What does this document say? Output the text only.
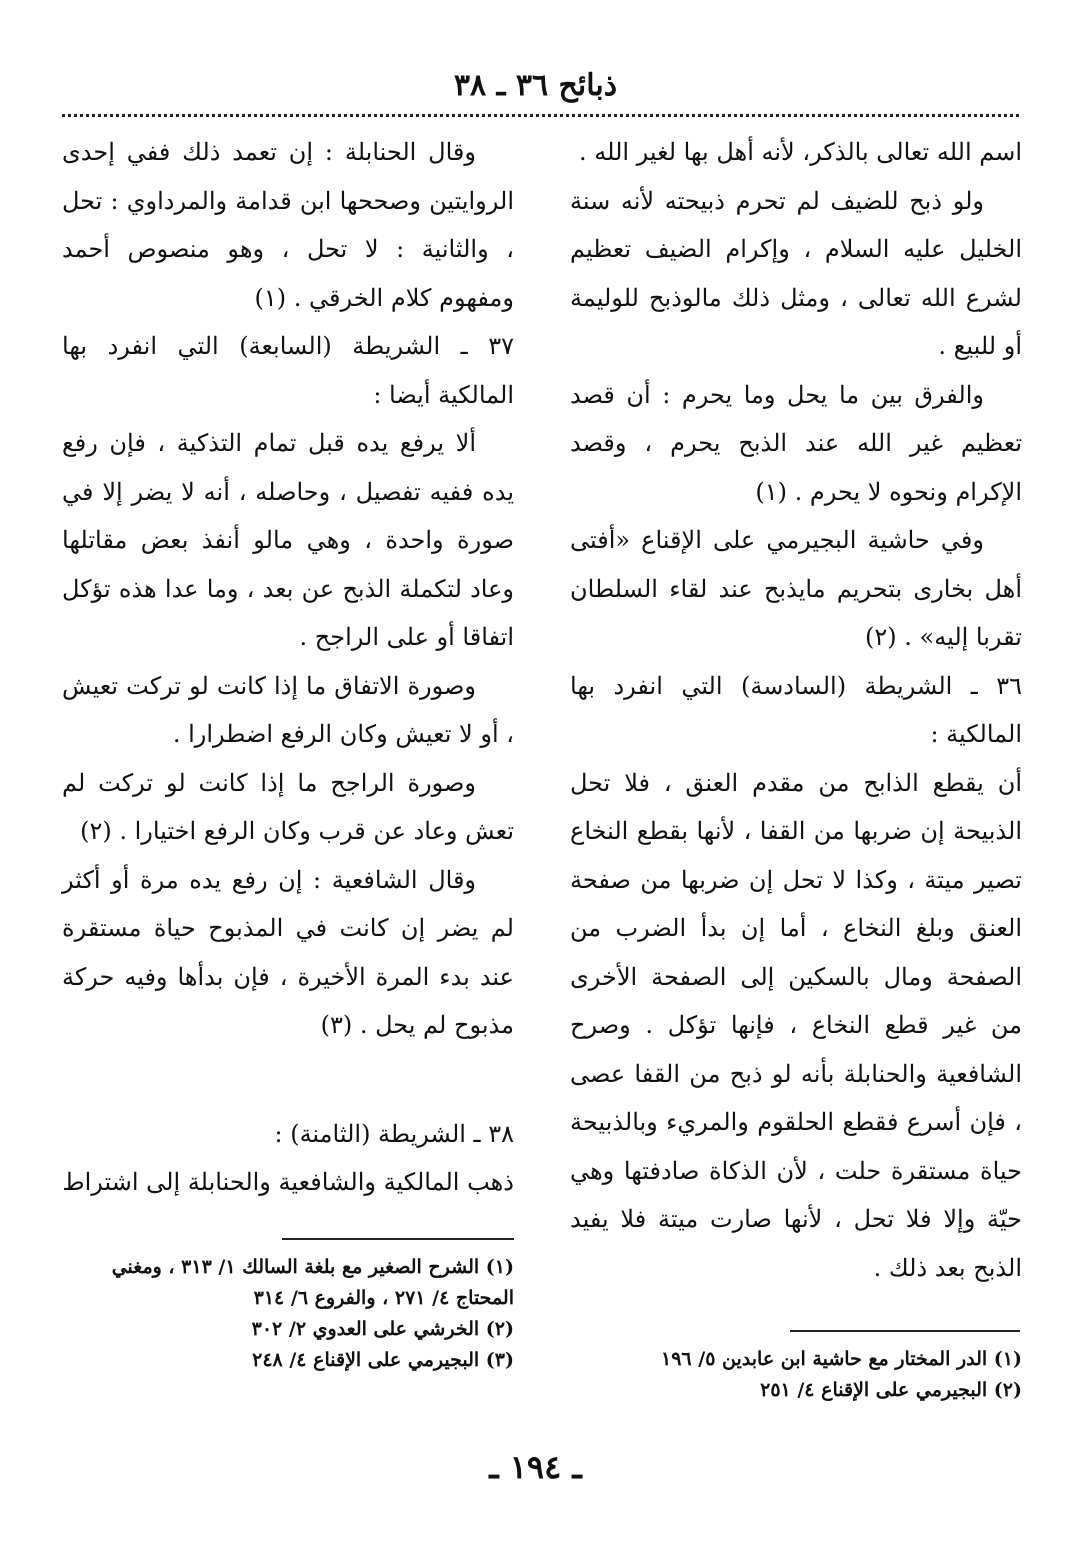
ذبائح ٣٦ ـ ٣٨

اسم الله تعالى بالذكر، لأنه أهل بها لغير الله .

ولو ذبح للضيف لم تحرم ذبيحته لأنه سنة الخليل عليه السلام ، وإكرام الضيف تعظيم لشرع الله تعالى ، ومثل ذلك مالوذبح للوليمة أو للبيع .

والفرق بين ما يحل وما يحرم : أن قصد تعظيم غير الله عند الذبح يحرم ، وقصد الإكرام ونحوه لا يحرم . (١)

وفي حاشية البجيرمي على الإقناع «أفتى أهل بخارى بتحريم مايذبح عند لقاء السلطان تقربا إليه» . (٢)

٣٦ ـ الشريطة (السادسة) التي انفرد بها المالكية :

أن يقطع الذابح من مقدم العنق ، فلا تحل الذبيحة إن ضربها من القفا ، لأنها بقطع النخاع تصير ميتة ، وكذا لا تحل إن ضربها من صفحة العنق وبلغ النخاع ، أما إن بدأ الضرب من الصفحة ومال بالسكين إلى الصفحة الأخرى من غير قطع النخاع ، فإنها تؤكل . وصرح الشافعية والحنابلة بأنه لو ذبح من القفا عصى ، فإن أسرع فقطع الحلقوم والمريء وبالذبيحة حياة مستقرة حلت ، لأن الذكاة صادفتها وهي حيّة وإلا فلا تحل ، لأنها صارت ميتة فلا يفيد الذبح بعد ذلك .

(١) الدر المختار مع حاشية ابن عابدين ٥/ ١٩٦
(٢) البجيرمي على الإقناع ٤/ ٢٥١

وقال الحنابلة : إن تعمد ذلك ففي إحدى الروايتين وصححها ابن قدامة والمرداوي : تحل ، والثانية : لا تحل ، وهو منصوص أحمد ومفهوم كلام الخرقي . (١)

٣٧ ـ الشريطة (السابعة) التي انفرد بها المالكية أيضا :

ألا يرفع يده قبل تمام التذكية ، فإن رفع يده ففيه تفصيل ، وحاصله ، أنه لا يضر إلا في صورة واحدة ، وهي مالو أنفذ بعض مقاتلها وعاد لتكملة الذبح عن بعد ، وما عدا هذه تؤكل اتفاقا أو على الراجح .

وصورة الاتفاق ما إذا كانت لو تركت تعيش ، أو لا تعيش وكان الرفع اضطرارا .

وصورة الراجح ما إذا كانت لو تركت لم تعش وعاد عن قرب وكان الرفع اختيارا . (٢)

وقال الشافعية : إن رفع يده مرة أو أكثر لم يضر إن كانت في المذبوح حياة مستقرة عند بدء المرة الأخيرة ، فإن بدأها وفيه حركة مذبوح لم يحل . (٣)

٣٨ ـ الشريطة (الثامنة) :

ذهب المالكية والشافعية والحنابلة إلى اشتراط

(١) الشرح الصغير مع بلغة السالك ١/ ٣١٣ ، ومغني المحتاج ٤/ ٢٧١ ، والفروع ٦/ ٣١٤
(٢) الخرشي على العدوي ٢/ ٣٠٢
(٣) البجيرمي على الإقناع ٤/ ٢٤٨
ـ ١٩٤ ـ
